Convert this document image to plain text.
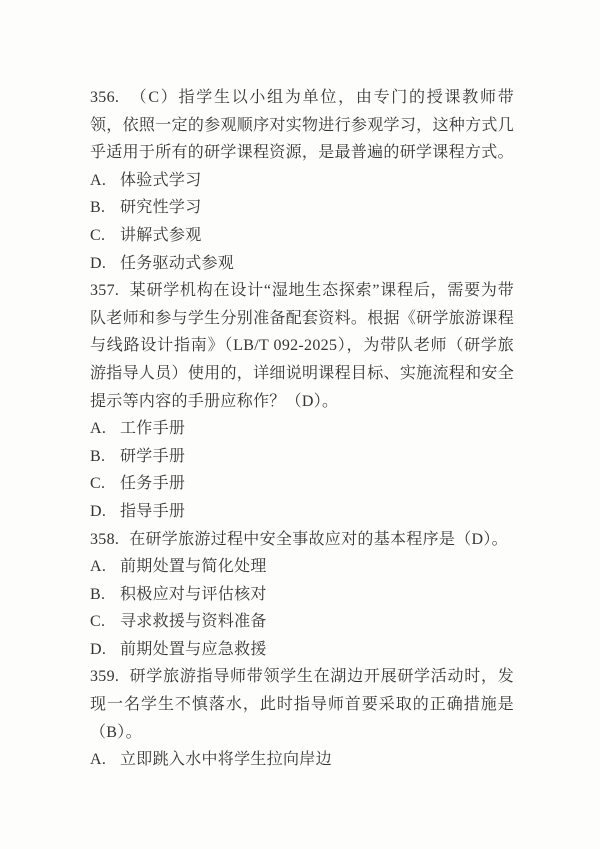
356. （C）指学生以小组为单位，由专门的授课教师带领，依照一定的参观顺序对实物进行参观学习，这种方式几乎适用于所有的研学课程资源，是最普遍的研学课程方式。

A. 体验式学习

B. 研究性学习

C. 讲解式参观

D. 任务驱动式参观

357. 某研学机构在设计“湿地生态探索”课程后，需要为带队老师和参与学生分别准备配套资料。根据《研学旅游课程与线路设计指南》（LB/T 092-2025），为带队老师（研学旅游指导人员）使用的，详细说明课程目标、实施流程和安全提示等内容的手册应称作？（D）。

A. 工作手册

B. 研学手册

C. 任务手册

D. 指导手册

358. 在研学旅游过程中安全事故应对的基本程序是（D）。

A. 前期处置与简化处理

B. 积极应对与评估核对

C. 寻求救援与资料准备

D. 前期处置与应急救援

359. 研学旅游指导师带领学生在湖边开展研学活动时，发现一名学生不慎落水，此时指导师首要采取的正确措施是（B）。

A. 立即跳入水中将学生拉向岸边
